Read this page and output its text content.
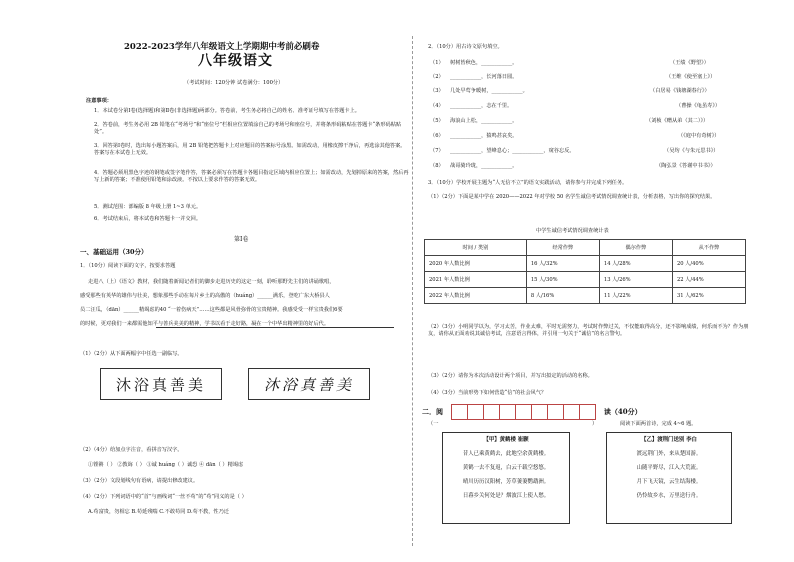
2022-2023学年八年级语文上学期期中考前必刷卷
八年级语文
（考试时间：120分钟 试卷满分：100分）
注意事项：
1．本试卷分第Ⅰ卷(选择题)和第Ⅱ卷(非选择题)两部分。答卷前，考生务必将自己的姓名、准考证号填写在答题卡上。
2．答卷前，考生务必用 2B 铅笔在“考场号”和“座位号”栏相应位置填涂自己的考场号和座位号，并将条形码粘贴在答题卡“条形码粘贴处”。
3．回答第Ⅰ卷时，选出每小题答案后，用 2B 铅笔把答题卡上对应题目的答案标号涂黑。如需改动，用橡皮擦干净后，再选涂其他答案。答案写在本试卷上无效。
4．答题必须用黑色字迹的钢笔或签字笔作答，答案必须写在答题卡各题目指定区域内相应位置上；如需改动，先划掉原来的答案，然后再写上新的答案；不准使用铅笔和涂改液。不按以上要求作答的答案无效。
5．测试范围：部编版 8 年级上册 1~3 单元。
6．考试结束后，将本试卷和答题卡一并交回。
第Ⅰ卷
一、基础运用（30分）
1．（10分）阅读下面的文字，按要求答题
走进八（上）《语文》教材，我们随着新闻记者们的脚步走进历史的这定一刻，聆听那野先主们的讲诵歌唱，
感受那些有英华的雄伟与壮美，想象那些手动在每片乡土的高傲的（huáng）______满乐，登吃广东大桥县人
员二汪瓜，（dān）______精竭虑的40 “一着伤病天”……这些都是风骨弥骨的宝贵精神。我感受受一样宝贵我们6要
的时候，更对我们一来都需他知平与善兵美美的精神，学书以看于走好路，凝在一个中华出精神里的好后代。
（1）（2分）从下面两幅字中任选一副临写。
沐浴真善美	沐浴真善美
（2）（4分）给加点字注音，看拼音写汉字。
①铿锵（ ） ②教诲（ ） ③诚 huáng（ ）诚恐 ④ dān（ ）精竭虑
（3）（2分）文段划线句有语病，请提出修改建议。
（4）（2分）下列词语中的“首”与画线词“一丝不苟”的“苟”同义的是（ ）
A.苟富贵，勿相忘 B.苟延残喘 C.不敢苟同 D.苟不教，性乃迁
2．（10分）用古诗文原句填空。
（1） 树树皆秋色，____________。	（王绩《野望》）
（2） ____________，长河落日圆。	（王维《使至塞上》）
（3） 几处早莺争暖树，____________。	（白居易《钱塘湖春行》）
（4） ____________，志在千里。	（曹操《龟虽寿》）
（5） 海浪山上松，____________。	（刘桢《赠从弟（其二）》）
（6） ____________，猿鸣甚哀矣。	（《庭中有奇树》）
（7） ____________，望峰息心；____________，窥谷忘反。	（吴均《与朱元思书》）
（8） 战哥骑玲珑，____________。	（陶弘景《答谢中书书》）
3．（10分）学校开展主题为“人无信不立”的语文实践活动，请你参与并完成下列任务。
（1）（2分）下面是某中学在 2020——2022 年对学校 50 名学生诚信考试情况调查统计表，分析表格，写出你的探究结果。
中学生诚信考试情况调查统计表
时间 / 类别	经常作弊	偶尔作弊	从不作弊
2020 年人数比例	16 人/32%	14 人/28%	20 人/40%
2021 年人数比例	15 人/30%	13 人/26%	22 人/44%
2022 年人数比例	8 人/16%	11 人/22%	31 人/62%
（2）（3分）小明同学以为，学习太苦，作业太难，平时无需努力，考试时作弊过关，不仅能取得高分，还不影响成绩，何乐而不为？作为朋友，请你从正面劝说其诚信考试，注意语言得体，并引用一句关于“诚信”的名言警句。
（3）（2分）请你为本次活动设计两个项目，并写出拟定的活动的名称。
（4）（3分）当前形势下如何营造“信”的社会风气？
二．阅	读（40分）
（一	）	阅读下面两首诗，完成 4~6 题。
【甲】黄鹤楼 崔颢
昔人已乘黄鹤去，此地空余黄鹤楼。
黄鹤一去不复返，白云千载空悠悠。
晴川历历汉阳树，芳草萋萋鹦鹉洲。
日暮乡关何处是？烟波江上使人愁。
【乙】渡荆门送别 李白
渡远荆门外，来从楚国游。
山随平野尽，江入大荒流。
月下飞天镜，云生结海楼。
仍怜故乡水，万里送行舟。
